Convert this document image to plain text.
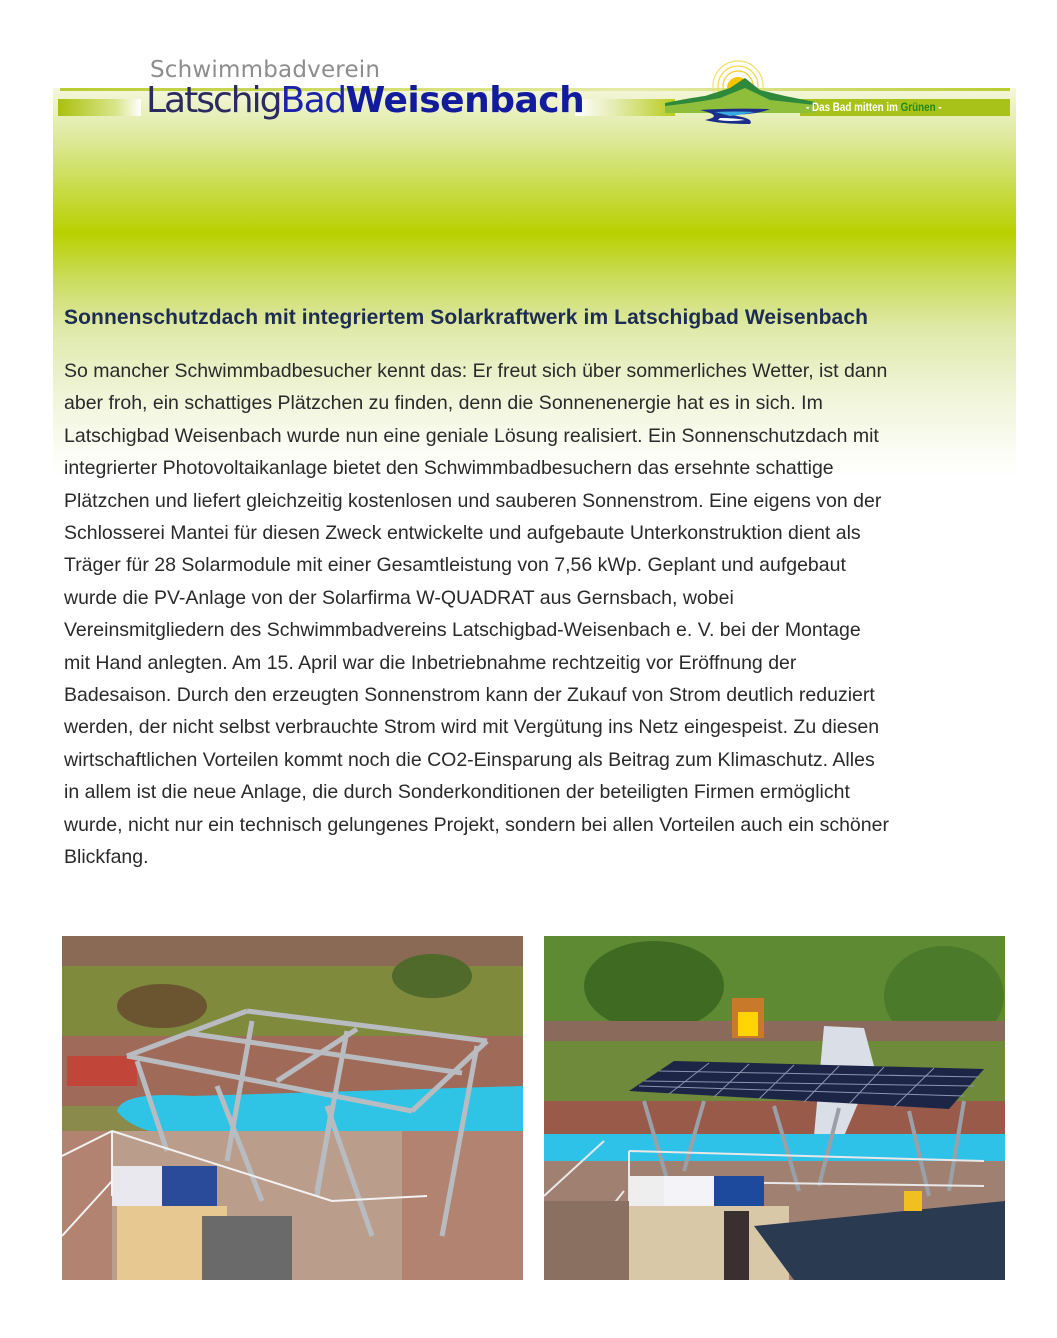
Schwimmbadverein
LatschigBadWeisenbach	- Das Bad mitten im Grünen -
Sonnenschutzdach mit integriertem Solarkraftwerk im Latschigbad Weisenbach
So mancher Schwimmbadbesucher kennt das: Er freut sich über sommerliches Wetter, ist dann
aber froh, ein schattiges Plätzchen zu finden, denn die Sonnenenergie hat es in sich. Im
Latschigbad Weisenbach wurde nun eine geniale Lösung realisiert. Ein Sonnenschutzdach mit
integrierter Photovoltaikanlage bietet den Schwimmbadbesuchern das ersehnte schattige
Plätzchen und liefert gleichzeitig kostenlosen und sauberen Sonnenstrom. Eine eigens von der
Schlosserei Mantei für diesen Zweck entwickelte und aufgebaute Unterkonstruktion dient als
Träger für 28 Solarmodule mit einer Gesamtleistung von 7,56 kWp. Geplant und aufgebaut
wurde die PV-Anlage von der Solarfirma W-QUADRAT aus Gernsbach, wobei
Vereinsmitgliedern des Schwimmbadvereins Latschigbad-Weisenbach e. V. bei der Montage
mit Hand anlegten. Am 15. April war die Inbetriebnahme rechtzeitig vor Eröffnung der
Badesaison. Durch den erzeugten Sonnenstrom kann der Zukauf von Strom deutlich reduziert
werden, der nicht selbst verbrauchte Strom wird mit Vergütung ins Netz eingespeist. Zu diesen
wirtschaftlichen Vorteilen kommt noch die CO2-Einsparung als Beitrag zum Klimaschutz. Alles
in allem ist die neue Anlage, die durch Sonderkonditionen der beteiligten Firmen ermöglicht
wurde, nicht nur ein technisch gelungenes Projekt, sondern bei allen Vorteilen auch ein schöner
Blickfang.
